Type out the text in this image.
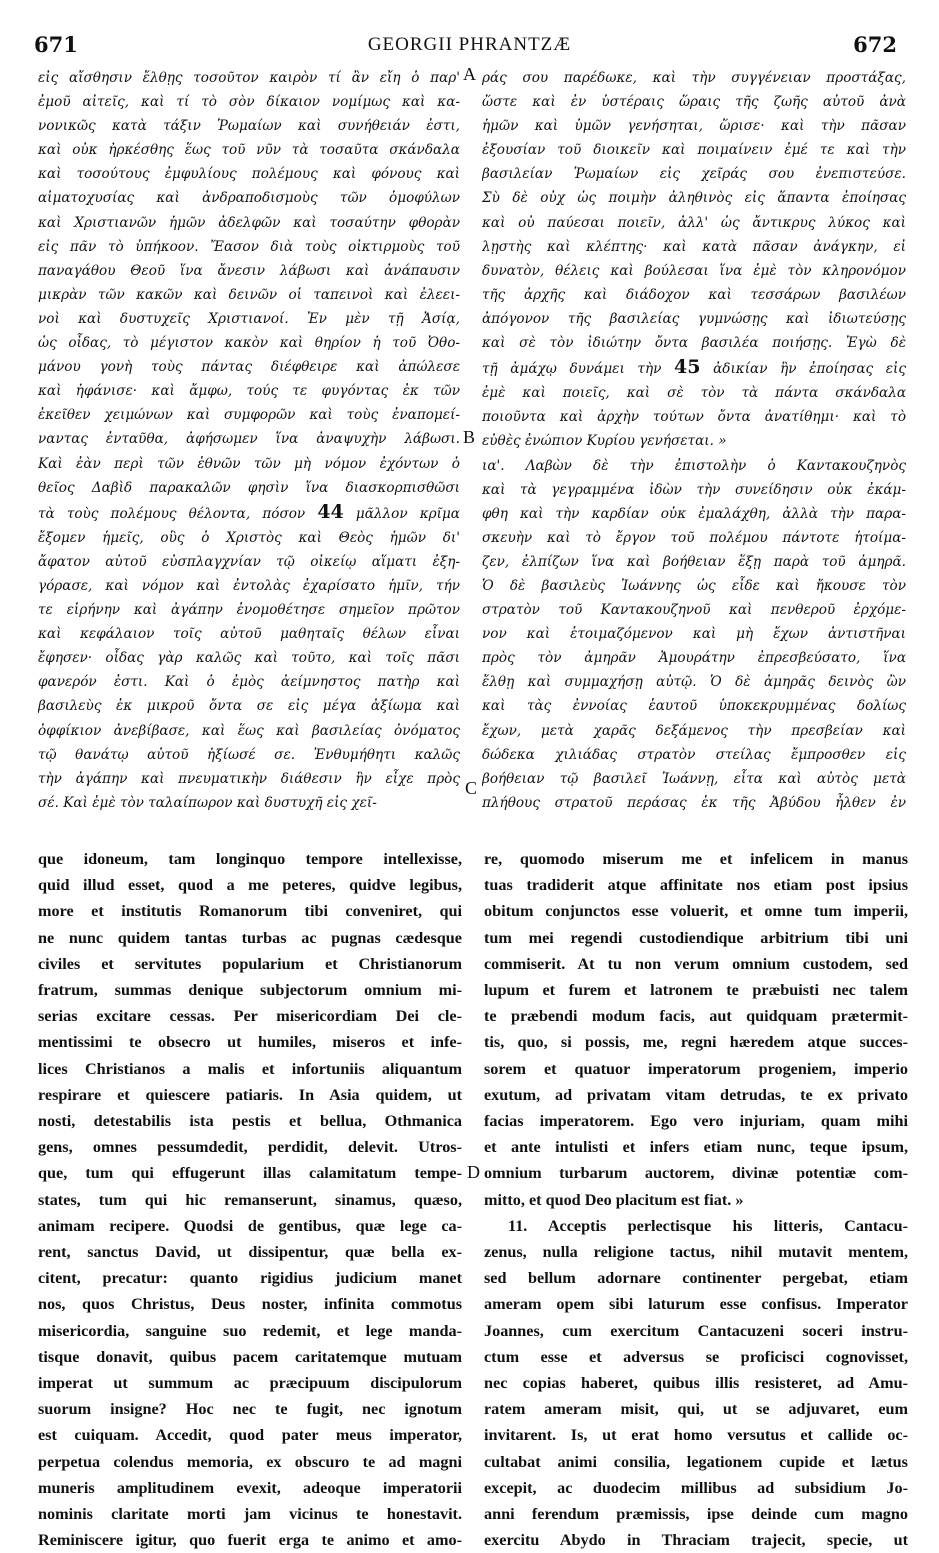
671	GEORGII PHRANTZÆ	672
εἰς αἴσθησιν ἔλθῃς τοσοῦτον καιρὸν τί ἂν εἴη ὁ παρ'
ἐμοῦ αἰτεῖς, καὶ τί τὸ σὸν δίκαιον νομίμως καὶ κα-
νονικῶς κατὰ τάξιν Ῥωμαίων καὶ συνήθειάν ἐστι,
καὶ οὐκ ἠρκέσθης ἕως τοῦ νῦν τὰ τοσαῦτα σκάνδαλα
καὶ τοσούτους ἐμφυλίους πολέμους καὶ φόνους καὶ
αἱματοχυσίας καὶ ἀνδραποδισμοὺς τῶν ὁμοφύλων
καὶ Χριστιανῶν ἡμῶν ἀδελφῶν καὶ τοσαύτην φθορὰν
εἰς πᾶν τὸ ὑπήκοον. Ἔασον διὰ τοὺς οἰκτιρμοὺς τοῦ
παναγάθου Θεοῦ ἵνα ἄνεσιν λάβωσι καὶ ἀνάπαυσιν
μικρὰν τῶν κακῶν καὶ δεινῶν οἱ ταπεινοὶ καὶ ἐλεει-
νοὶ καὶ δυστυχεῖς Χριστιανοί. Ἐν μὲν τῇ Ἀσίᾳ,
ὡς οἶδας, τὸ μέγιστον κακὸν καὶ θηρίον ἡ τοῦ Ὀθο-
μάνου γονὴ τοὺς πάντας διέφθειρε καὶ ἀπώλεσε
καὶ ἠφάνισε· καὶ ἄμφω, τούς τε φυγόντας ἐκ τῶν
ἐκεῖθεν χειμώνων καὶ συμφορῶν καὶ τοὺς ἐναπομεί-
ναντας ἐνταῦθα, ἀφήσωμεν ἵνα ἀναψυχὴν λάβωσι.
Καὶ ἐὰν περὶ τῶν ἐθνῶν τῶν μὴ νόμον ἐχόντων ὁ
θεῖος Δαβὶδ παρακαλῶν φησὶν ἵνα διασκορπισθῶσι
τὰ τοὺς πολέμους θέλοντα, πόσον 44 μᾶλλον κρῖμα
ἔξομεν ἡμεῖς, οὓς ὁ Χριστὸς καὶ Θεὸς ἡμῶν δι'
ἄφατον αὐτοῦ εὐσπλαγχνίαν τῷ οἰκείῳ αἵματι ἐξη-
γόρασε, καὶ νόμον καὶ ἐντολὰς ἐχαρίσατο ἡμῖν, τήν
τε εἰρήνην καὶ ἀγάπην ἐνομοθέτησε σημεῖον πρῶτον
καὶ κεφάλαιον τοῖς αὐτοῦ μαθηταῖς θέλων εἶναι
ἔφησεν· οἶδας γὰρ καλῶς καὶ τοῦτο, καὶ τοῖς πᾶσι
φανερόν ἐστι. Καὶ ὁ ἐμὸς ἀείμνηστος πατὴρ καὶ
βασιλεὺς ἐκ μικροῦ ὄντα σε εἰς μέγα ἀξίωμα καὶ
ὀφφίκιον ἀνεβίβασε, καὶ ἕως καὶ βασιλείας ὀνόματος
τῷ θανάτῳ αὐτοῦ ἠξίωσέ σε. Ἐνθυμήθητι καλῶς
τὴν ἀγάπην καὶ πνευματικὴν διάθεσιν ἣν εἶχε πρὸς
σέ. Καὶ ἐμὲ τὸν ταλαίπωρον καὶ δυστυχῆ εἰς χεῖ-
ράς σου παρέδωκε, καὶ τὴν συγγένειαν προστάξας,
ὥστε καὶ ἐν ὑστέραις ὥραις τῆς ζωῆς αὐτοῦ ἀνὰ
ἡμῶν καὶ ὑμῶν γενήσηται, ὥρισε· καὶ τὴν πᾶσαν
ἐξουσίαν τοῦ διοικεῖν καὶ ποιμαίνειν ἐμέ τε καὶ τὴν
βασιλείαν Ῥωμαίων εἰς χεῖράς σου ἐνεπιστεύσε.
Σὺ δὲ οὐχ ὡς ποιμὴν ἀληθινὸς εἰς ἅπαντα ἐποίησας
καὶ οὐ παύεσαι ποιεῖν, ἀλλ' ὡς ἄντικρυς λύκος καὶ
λῃστὴς καὶ κλέπτης· καὶ κατὰ πᾶσαν ἀνάγκην, εἰ
δυνατὸν, θέλεις καὶ βούλεσαι ἵνα ἐμὲ τὸν κληρονόμον
τῆς ἀρχῆς καὶ διάδοχον καὶ τεσσάρων βασιλέων
ἀπόγονον τῆς βασιλείας γυμνώσῃς καὶ ἰδιωτεύσῃς
καὶ σὲ τὸν ἰδιώτην ὄντα βασιλέα ποιήσῃς. Ἐγὼ δὲ
τῇ ἀμάχῳ δυνάμει τὴν 45 ἀδικίαν ἣν ἐποίησας εἰς
ἐμὲ καὶ ποιεῖς, καὶ σὲ τὸν τὰ πάντα σκάνδαλα
ποιοῦντα καὶ ἀρχὴν τούτων ὄντα ἀνατίθημι· καὶ τὸ
εὐθὲς ἐνώπιον Κυρίου γενήσεται. »
ια'. Λαβὼν δὲ τὴν ἐπιστολὴν ὁ Καντακουζηνὸς
καὶ τὰ γεγραμμένα ἰδὼν τὴν συνείδησιν οὐκ ἐκάμ-
φθη καὶ τὴν καρδίαν οὐκ ἐμαλάχθη, ἀλλὰ τὴν παρα-
σκευὴν καὶ τὸ ἔργον τοῦ πολέμου πάντοτε ἡτοίμα-
ζεν, ἐλπίζων ἵνα καὶ βοήθειαν ἕξῃ παρὰ τοῦ ἀμηρᾶ.
Ὁ δὲ βασιλεὺς Ἰωάννης ὡς εἶδε καὶ ἤκουσε τὸν
στρατὸν τοῦ Καντακουζηνοῦ καὶ πενθεροῦ ἐρχόμε-
νον καὶ ἑτοιμαζόμενον καὶ μὴ ἔχων ἀντιστῆναι
πρὸς τὸν ἀμηρᾶν Ἀμουράτην ἐπρεσβεύσατο, ἵνα
ἔλθῃ καὶ συμμαχήσῃ αὐτῷ. Ὁ δὲ ἀμηρᾶς δεινὸς ὢν
καὶ τὰς ἐννοίας ἑαυτοῦ ὑποκεκρυμμένας δολίως
ἔχων, μετὰ χαρᾶς δεξάμενος τὴν πρεσβείαν καὶ
δώδεκα χιλιάδας στρατὸν στείλας ἔμπροσθεν εἰς
βοήθειαν τῷ βασιλεῖ Ἰωάννῃ, εἶτα καὶ αὐτὸς μετὰ
πλήθους στρατοῦ περάσας ἐκ τῆς Ἀβύδου ἦλθεν ἐν
que idoneum, tam longinquo tempore intellexisse,
quid illud esset, quod a me peteres, quidve legibus,
more et institutis Romanorum tibi conveniret, qui
ne nunc quidem tantas turbas ac pugnas cædesque
civiles et servitutes popularium et Christianorum
fratrum, summas denique subjectorum omnium mi-
serias excitare cessas. Per misericordiam Dei cle-
mentissimi te obsecro ut humiles, miseros et infe-
lices Christianos a malis et infortuniis aliquantum
respirare et quiescere patiaris. In Asia quidem, ut
nosti, detestabilis ista pestis et bellua, Othmanica
gens, omnes pessumdedit, perdidit, delevit. Utros-
que, tum qui effugerunt illas calamitatum tempe-
states, tum qui hic remanserunt, sinamus, quæso,
animam recipere. Quodsi de gentibus, quæ lege ca-
rent, sanctus David, ut dissipentur, quæ bella ex-
citent, precatur: quanto rigidius judicium manet
nos, quos Christus, Deus noster, infinita commotus
misericordia, sanguine suo redemit, et lege manda-
tisque donavit, quibus pacem caritatemque mutuam
imperat ut summum ac præcipuum discipulorum
suorum insigne? Hoc nec te fugit, nec ignotum
est cuiquam. Accedit, quod pater meus imperator,
perpetua colendus memoria, ex obscuro te ad magni
muneris amplitudinem evexit, adeoque imperatorii
nominis claritate morti jam vicinus te honestavit.
Reminiscere igitur, quo fuerit erga te animo et amo-
re, quomodo miserum me et infelicem in manus
tuas tradiderit atque affinitate nos etiam post ipsius
obitum conjunctos esse voluerit, et omne tum imperii,
tum mei regendi custodiendique arbitrium tibi uni
commiserit. At tu non verum omnium custodem, sed
lupum et furem et latronem te præbuisti nec talem
te præbendi modum facis, aut quidquam prætermit-
tis, quo, si possis, me, regni hæredem atque succes-
sorem et quatuor imperatorum progeniem, imperio
exutum, ad privatam vitam detrudas, te ex privato
facias imperatorem. Ego vero injuriam, quam mihi
et ante intulisti et infers etiam nunc, teque ipsum,
omnium turbarum auctorem, divinæ potentiæ com-
mitto, et quod Deo placitum est fiat. »
11. Acceptis perlectisque his litteris, Cantacu-
zenus, nulla religione tactus, nihil mutavit mentem,
sed bellum adornare continenter pergebat, etiam
ameram opem sibi laturum esse confisus. Imperator
Joannes, cum exercitum Cantacuzeni soceri instru-
ctum esse et adversus se proficisci cognovisset,
nec copias haberet, quibus illis resisteret, ad Amu-
ratem ameram misit, qui, ut se adjuvaret, eum
invitarent. Is, ut erat homo versutus et callide oc-
cultabat animi consilia, legationem cupide et lætus
excepit, ac duodecim millibus ad subsidium Jo-
anni ferendum præmissis, ipse deinde cum magno
exercitu Abydo in Thraciam trajecit, specie, ut
A
B
C
D
